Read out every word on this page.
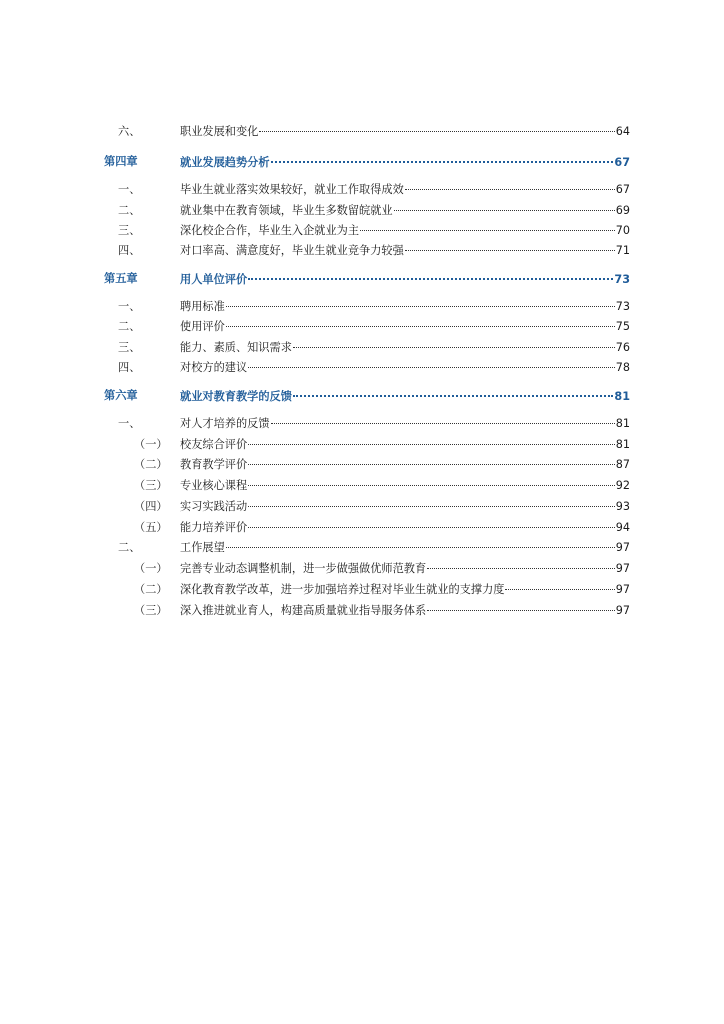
六、	职业发展和变化	64
第四章	就业发展趋势分析	67
一、	毕业生就业落实效果较好，就业工作取得成效	67
二、	就业集中在教育领域，毕业生多数留皖就业	69
三、	深化校企合作，毕业生入企就业为主	70
四、	对口率高、满意度好，毕业生就业竞争力较强	71
第五章	用人单位评价	73
一、	聘用标准	73
二、	使用评价	75
三、	能力、素质、知识需求	76
四、	对校方的建议	78
第六章	就业对教育教学的反馈	81
一、	对人才培养的反馈	81
（一） 校友综合评价	81
（二） 教育教学评价	87
（三） 专业核心课程	92
（四） 实习实践活动	93
（五） 能力培养评价	94
二、	工作展望	97
（一） 完善专业动态调整机制，进一步做强做优师范教育	97
（二） 深化教育教学改革，进一步加强培养过程对毕业生就业的支撑力度	97
（三） 深入推进就业育人，构建高质量就业指导服务体系	97
